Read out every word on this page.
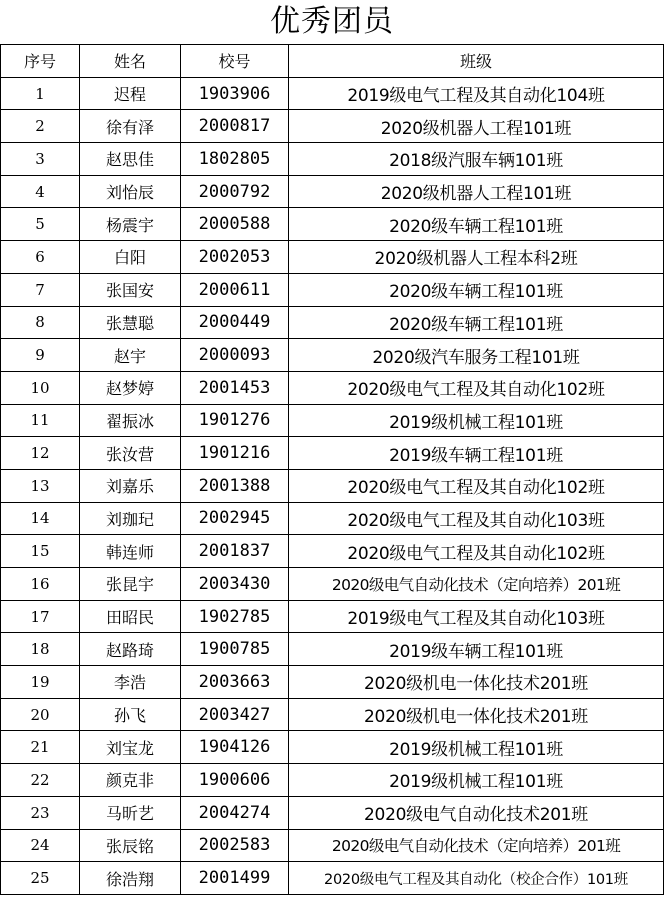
优秀团员
序号	姓名	校号	班级
1	迟程	1903906	2019级电气工程及其自动化104班
2	徐有泽	2000817	2020级机器人工程101班
3	赵思佳	1802805	2018级汽服车辆101班
4	刘怡辰	2000792	2020级机器人工程101班
5	杨震宇	2000588	2020级车辆工程101班
6	白阳	2002053	2020级机器人工程本科2班
7	张国安	2000611	2020级车辆工程101班
8	张慧聪	2000449	2020级车辆工程101班
9	赵宇	2000093	2020级汽车服务工程101班
10	赵梦婷	2001453	2020级电气工程及其自动化102班
11	翟振冰	1901276	2019级机械工程101班
12	张汝营	1901216	2019级车辆工程101班
13	刘嘉乐	2001388	2020级电气工程及其自动化102班
14	刘珈玘	2002945	2020级电气工程及其自动化103班
15	韩连师	2001837	2020级电气工程及其自动化102班
16	张昆宇	2003430	2020级电气自动化技术（定向培养）201班
17	田昭民	1902785	2019级电气工程及其自动化103班
18	赵路琦	1900785	2019级车辆工程101班
19	李浩	2003663	2020级机电一体化技术201班
20	孙飞	2003427	2020级机电一体化技术201班
21	刘宝龙	1904126	2019级机械工程101班
22	颜克非	1900606	2019级机械工程101班
23	马昕艺	2004274	2020级电气自动化技术201班
24	张辰铭	2002583	2020级电气自动化技术（定向培养）201班
25	徐浩翔	2001499	2020级电气工程及其自动化（校企合作）101班
